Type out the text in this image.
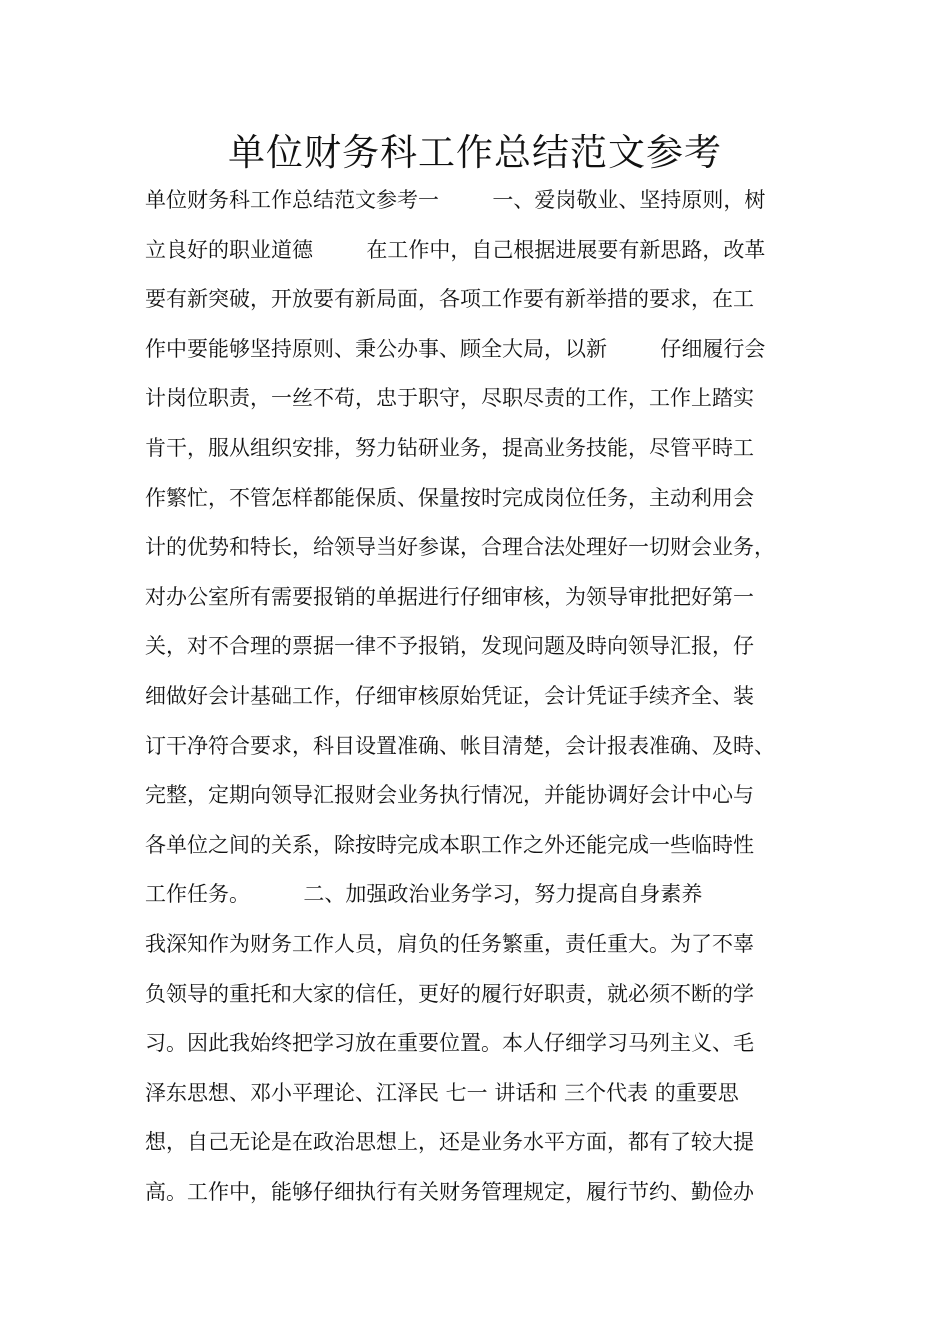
单位财务科工作总结范文参考
单位财务科工作总结范文参考一        一、爱岗敬业、坚持原则，树
立良好的职业道德        在工作中，自己根据进展要有新思路，改革
要有新突破，开放要有新局面，各项工作要有新举措的要求，在工
作中要能够坚持原则、秉公办事、顾全大局，以新        仔细履行会
计岗位职责，一丝不苟，忠于职守，尽职尽责的工作，工作上踏实
肯干，服从组织安排，努力钻研业务，提高业务技能，尽管平時工
作繁忙，不管怎样都能保质、保量按时完成岗位任务，主动利用会
计的优势和特长，给领导当好参谋，合理合法处理好一切财会业务，
对办公室所有需要报销的单据进行仔细审核，为领导审批把好第一
关，对不合理的票据一律不予报销，发现问题及時向领导汇报，仔
细做好会计基础工作，仔细审核原始凭证，会计凭证手续齐全、装
订干净符合要求，科目设置准确、帐目清楚，会计报表准确、及時、
完整，定期向领导汇报财会业务执行情况，并能协调好会计中心与
各单位之间的关系，除按時完成本职工作之外还能完成一些临時性
工作任务。        二、加强政治业务学习，努力提高自身素养
我深知作为财务工作人员，肩负的任务繁重，责任重大。为了不辜
负领导的重托和大家的信任，更好的履行好职责，就必须不断的学
习。因此我始终把学习放在重要位置。本人仔细学习马列主义、毛
泽东思想、邓小平理论、江泽民 七一 讲话和 三个代表 的重要思
想，自己无论是在政治思想上，还是业务水平方面，都有了较大提
高。工作中，能够仔细执行有关财务管理规定，履行节约、勤俭办
